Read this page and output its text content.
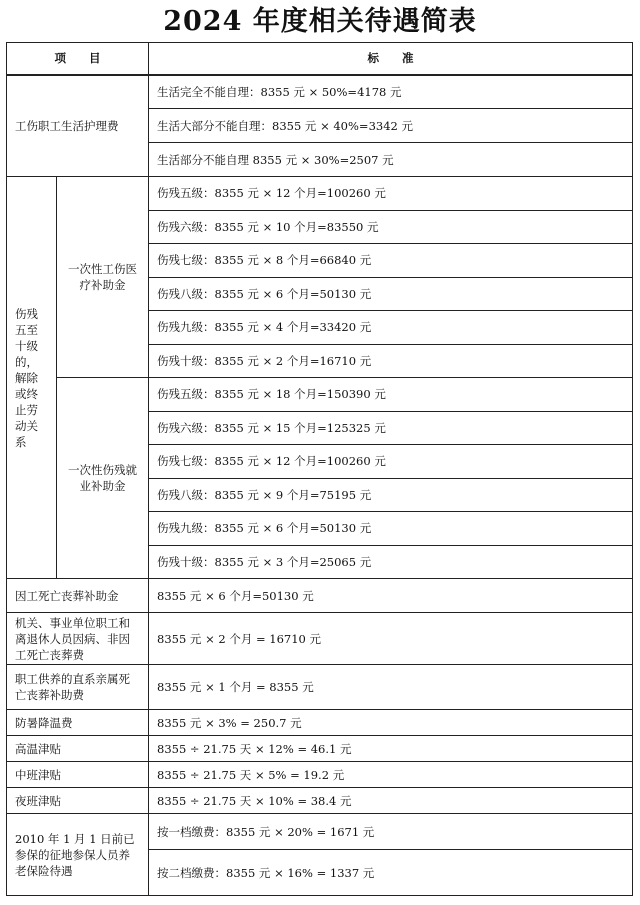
2024 年度相关待遇简表
项　　目		标　　准
工伤职工生活护理费		生活完全不能自理：8355 元 × 50%=4178 元
		生活大部分不能自理：8355 元 × 40%=3342 元
		生活部分不能自理 8355 元 × 30%=2507 元
伤残五至十级的，解除或终止劳动关系	一次性工伤医疗补助金	伤残五级：8355 元 × 12 个月=100260 元
		伤残六级：8355 元 × 10 个月=83550 元
		伤残七级：8355 元 × 8 个月=66840 元
		伤残八级：8355 元 × 6 个月=50130 元
		伤残九级：8355 元 × 4 个月=33420 元
		伤残十级：8355 元 × 2 个月=16710 元
	一次性伤残就业补助金	伤残五级：8355 元 × 18 个月=150390 元
		伤残六级：8355 元 × 15 个月=125325 元
		伤残七级：8355 元 × 12 个月=100260 元
		伤残八级：8355 元 × 9 个月=75195 元
		伤残九级：8355 元 × 6 个月=50130 元
		伤残十级：8355 元 × 3 个月=25065 元
因工死亡丧葬补助金		8355 元 × 6 个月=50130 元
机关、事业单位职工和离退休人员因病、非因工死亡丧葬费		8355 元 × 2 个月 = 16710 元
职工供养的直系亲属死亡丧葬补助费		8355 元 × 1 个月 = 8355 元
防暑降温费		8355 元 × 3% = 250.7 元
高温津贴		8355 ÷ 21.75 天 × 12% = 46.1 元
中班津贴		8355 ÷ 21.75 天 × 5% = 19.2 元
夜班津贴		8355 ÷ 21.75 天 × 10% = 38.4 元
2010 年 1 月 1 日前已参保的征地参保人员养老保险待遇		按一档缴费：8355 元 × 20% = 1671 元
		按二档缴费：8355 元 × 16% = 1337 元
